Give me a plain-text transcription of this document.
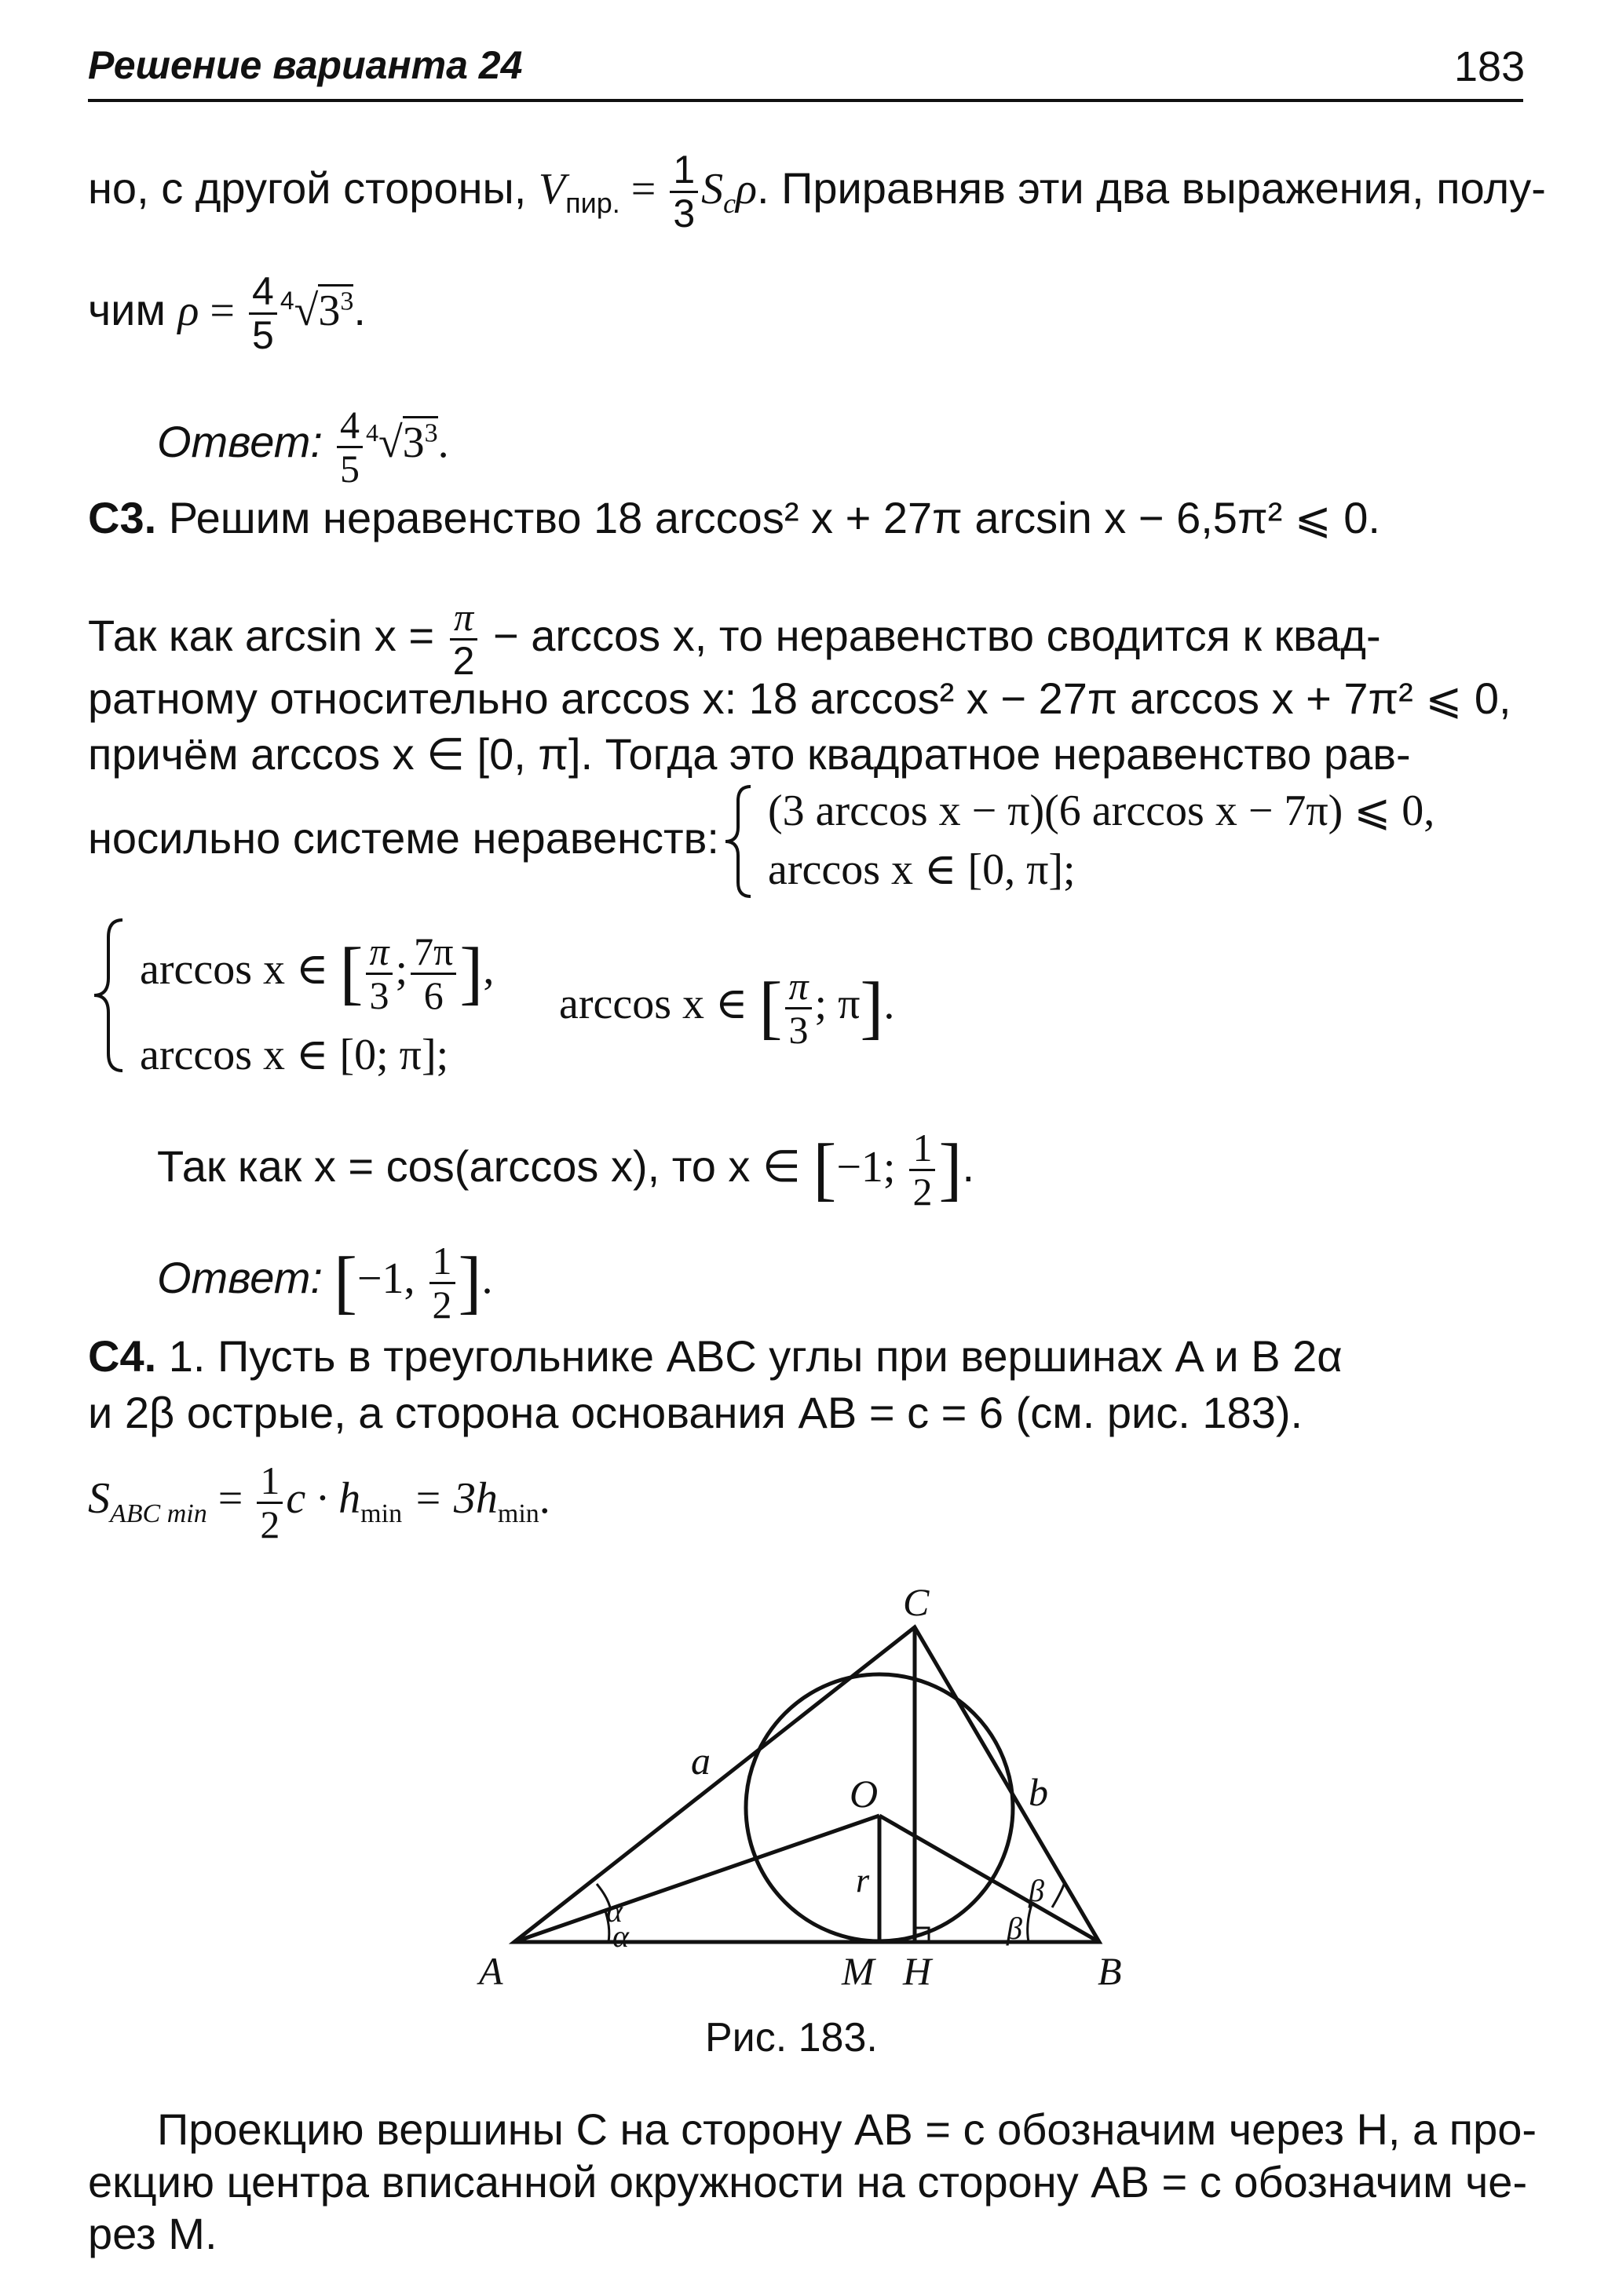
Решение варианта 24	183
но, с другой стороны, $V_{пир.} = \frac{1}{3} S_c\rho$. Приравняв эти два выражения, полу-
чим $\rho = \frac{4}{5} ^4√3^3$.
Ответ: $\frac{4}{5} ^4√3^3$.
С3. Решим неравенство 18 arccos² x + 27π arcsin x − 6,5π² ⩽ 0.
Так как $\arcsin x = \frac{\pi}{2} - \arccos x$, то неравенство сводится к квад-
ратному относительно arccos x: 18 arccos² x − 27π arccos x + 7π² ⩽ 0,
причём arccos x ∈ [0, π]. Тогда это квадратное неравенство рав-
носильно системе неравенств:
(3 arccos x − π)(6 arccos x − 7π) ⩽ 0,
arccos x ∈ [0, π];
arccos x ∈ [ $\frac{\pi}{3}$ ; $\frac{7\pi}{6}$ ],
arccos x ∈ [0; π];
arccos x ∈ [ $\frac{\pi}{3}$ ; π].
Так как x = cos(arccos x), то x ∈ [−1; $\frac{1}{2}$ ].
Ответ: [−1, $\frac{1}{2}$ ].
С4. 1. Пусть в треугольнике ABC углы при вершинах A и B 2α
и 2β острые, а сторона основания AB = c = 6 (см. рис. 183).
$S_{ABC min} = \frac{1}{2}$ $c \cdot h_{min} = 3h_{min}$.
A	B
C
O
M H
a
b
r
α
α	β
β
Рис. 183.
Проекцию вершины C на сторону AB = c обозначим через H, а про-
екцию центра вписанной окружности на сторону AB = c обозначим че-
рез M.
